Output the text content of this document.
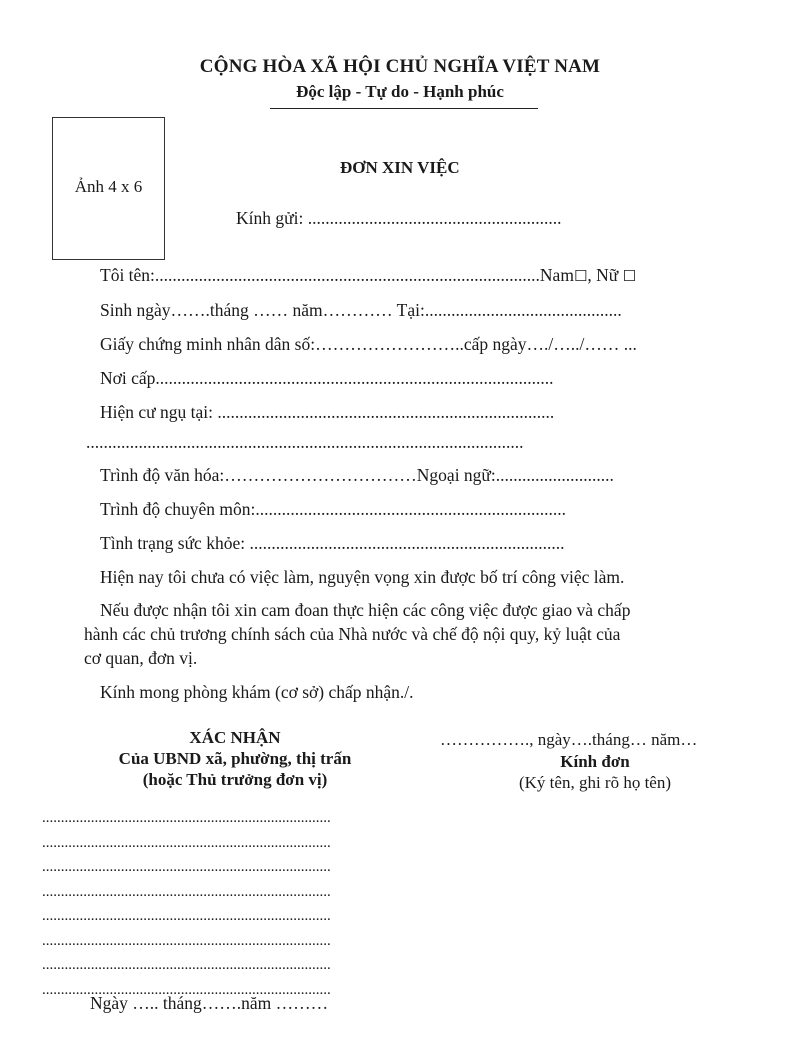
CỘNG HÒA XÃ HỘI CHỦ NGHĨA VIỆT NAM
Độc lập - Tự do - Hạnh phúc
Ảnh 4 x 6
ĐƠN XIN VIỆC
Kính gửi: ..........................................................
Tôi tên:........................................................................................Nam☐, Nữ ☐
Sinh ngày…….tháng …… năm………… Tại:.............................................
Giấy chứng minh nhân dân số:……………………..cấp ngày…./…../…… ...
Nơi cấp...........................................................................................
Hiện cư ngụ tại: .............................................................................
....................................................................................................
Trình độ văn hóa:……………………………Ngoại ngữ:...........................
Trình độ chuyên môn:.......................................................................
Tình trạng sức khỏe: ........................................................................
Hiện nay tôi chưa có việc làm, nguyện vọng xin được bố trí công việc làm.
Nếu được nhận tôi xin cam đoan thực hiện các công việc được giao và chấp
hành các chủ trương chính sách của Nhà nước và chế độ nội quy, kỷ luật của
cơ quan, đơn vị.
Kính mong phòng khám (cơ sở) chấp nhận./.
XÁC NHẬN
Của UBND xã, phường, thị trấn
(hoặc Thủ trưởng đơn vị)
.............................................................................
.............................................................................
.............................................................................
.............................................................................
.............................................................................
.............................................................................
.............................................................................
.............................................................................
Ngày ….. tháng…….năm ………
……………., ngày….tháng… năm…
Kính đơn
(Ký tên, ghi rõ họ tên)
